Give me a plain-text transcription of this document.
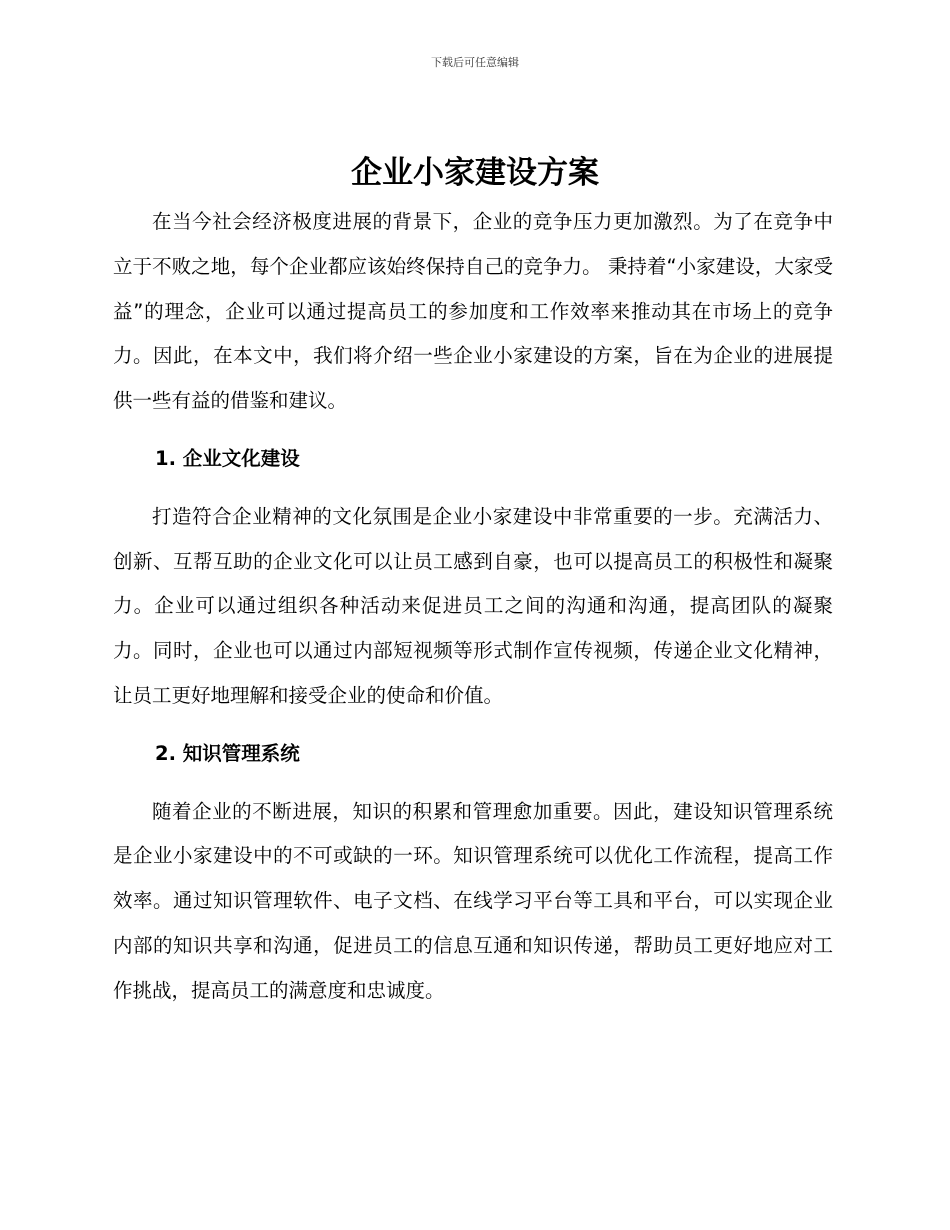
下载后可任意编辑
企业小家建设方案

在当今社会经济极度进展的背景下，企业的竞争压力更加激烈。为了在竞争中立于不败之地，每个企业都应该始终保持自己的竞争力。 秉持着“小家建设，大家受益”的理念，企业可以通过提高员工的参加度和工作效率来推动其在市场上的竞争力。因此，在本文中，我们将介绍一些企业小家建设的方案，旨在为企业的进展提供一些有益的借鉴和建议。

1. 企业文化建设

打造符合企业精神的文化氛围是企业小家建设中非常重要的一步。充满活力、创新、互帮互助的企业文化可以让员工感到自豪，也可以提高员工的积极性和凝聚力。企业可以通过组织各种活动来促进员工之间的沟通和沟通，提高团队的凝聚力。同时，企业也可以通过内部短视频等形式制作宣传视频，传递企业文化精神，让员工更好地理解和接受企业的使命和价值。

2. 知识管理系统

随着企业的不断进展，知识的积累和管理愈加重要。因此，建设知识管理系统是企业小家建设中的不可或缺的一环。知识管理系统可以优化工作流程，提高工作效率。通过知识管理软件、电子文档、在线学习平台等工具和平台，可以实现企业内部的知识共享和沟通，促进员工的信息互通和知识传递，帮助员工更好地应对工作挑战，提高员工的满意度和忠诚度。
